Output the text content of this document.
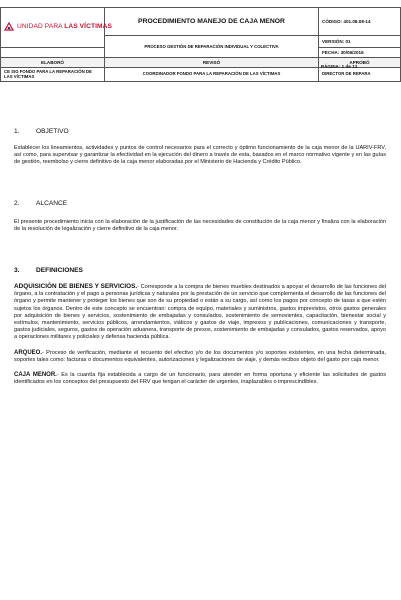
UNIDAD PARA LAS VÍCTIMAS	PROCEDIMIENTO MANEJO DE CAJA MENOR	CÓDIGO: 401.08.08-14
	PROCESO GESTIÓN DE REPARACIÓN INDIVIDUAL Y COLECTIVA	VERSIÓN: 01
		FECHA: 30/06/2016
ELABORÓ	REVISÓ	APROBÓ
CE SIG FONDO PARA LA REPARACIÓN DE LAS VÍCTIMAS	COORDINADOR FONDO PARA LA REPARACIÓN DE LAS VÍCTIMAS	DIRECTOR DE REPARA
PÁGINA: 1 de 12
1.	OBJETIVO

Establecer los lineamientos, actividades y puntos de control necesarios para el correcto y óptimo funcionamiento de la caja menor de la UARIV-FRV, así como, para supervisar y garantizar la efectividad en la ejecución del dinero a través de esta, basados en el marco normativo vigente y en las guías de gestión, reembolso y cierre definitivo de la caja menor elaboradas por el Ministerio de Hacienda y Crédito Público.

2.	ALCANCE

El presente procedimiento inicia con la elaboración de la justificación de las necesidades de constitución de la caja menor y finaliza con la elaboración de la resolución de legalización y cierre definitivo de la caja menor.

3.	DEFINICIONES

ADQUISICIÓN DE BIENES Y SERVICIOS.- Corresponde a la compra de bienes muebles destinados a apoyar el desarrollo de las funciones del órgano, a la contratación y el pago a personas jurídicas y naturales por la prestación de un servicio que complementa el desarrollo de las funciones del órgano y permite mantener y proteger los bienes que son de su propiedad o están a su cargo, así como los pagos por concepto de tasas a que estén sujetos los órganos. Dentro de este concepto se encuentran: compra de equipo, materiales y suministros, gastos imprevistos, otros gastos generales por adquisición de bienes y servicios, sostenimiento de embajadas y consulados, sostenimiento de semovientes, capacitación, bienestar social y estímulos, mantenimiento, servicios públicos, arrendamientos, viáticos y gastos de viaje, impresos y publicaciones, comunicaciones y transporte, gastos judiciales, seguros, gastos de operación aduanera, transporte de presos, sostenimiento de embajadas y consulados, gastos reservados, apoyo a operaciones militares y policiales y defensa hacienda pública.

ARQUEO.- Proceso de verificación, mediante el recuento del efectivo y/o de los documentos y/o soportes existentes, en una fecha determinada, soportes tales como: facturas o documentos equivalentes, autorizaciones y legalizaciones de viaje, y demás recibos objeto del gasto por caja menor.

CAJA MENOR.- Es la cuantía fija establecida a cargo de un funcionario, para atender en forma oportuna y eficiente las solicitudes de gastos identificados en los conceptos del presupuesto del FRV que tengan el carácter de urgentes, inaplazables o imprescindibles.
